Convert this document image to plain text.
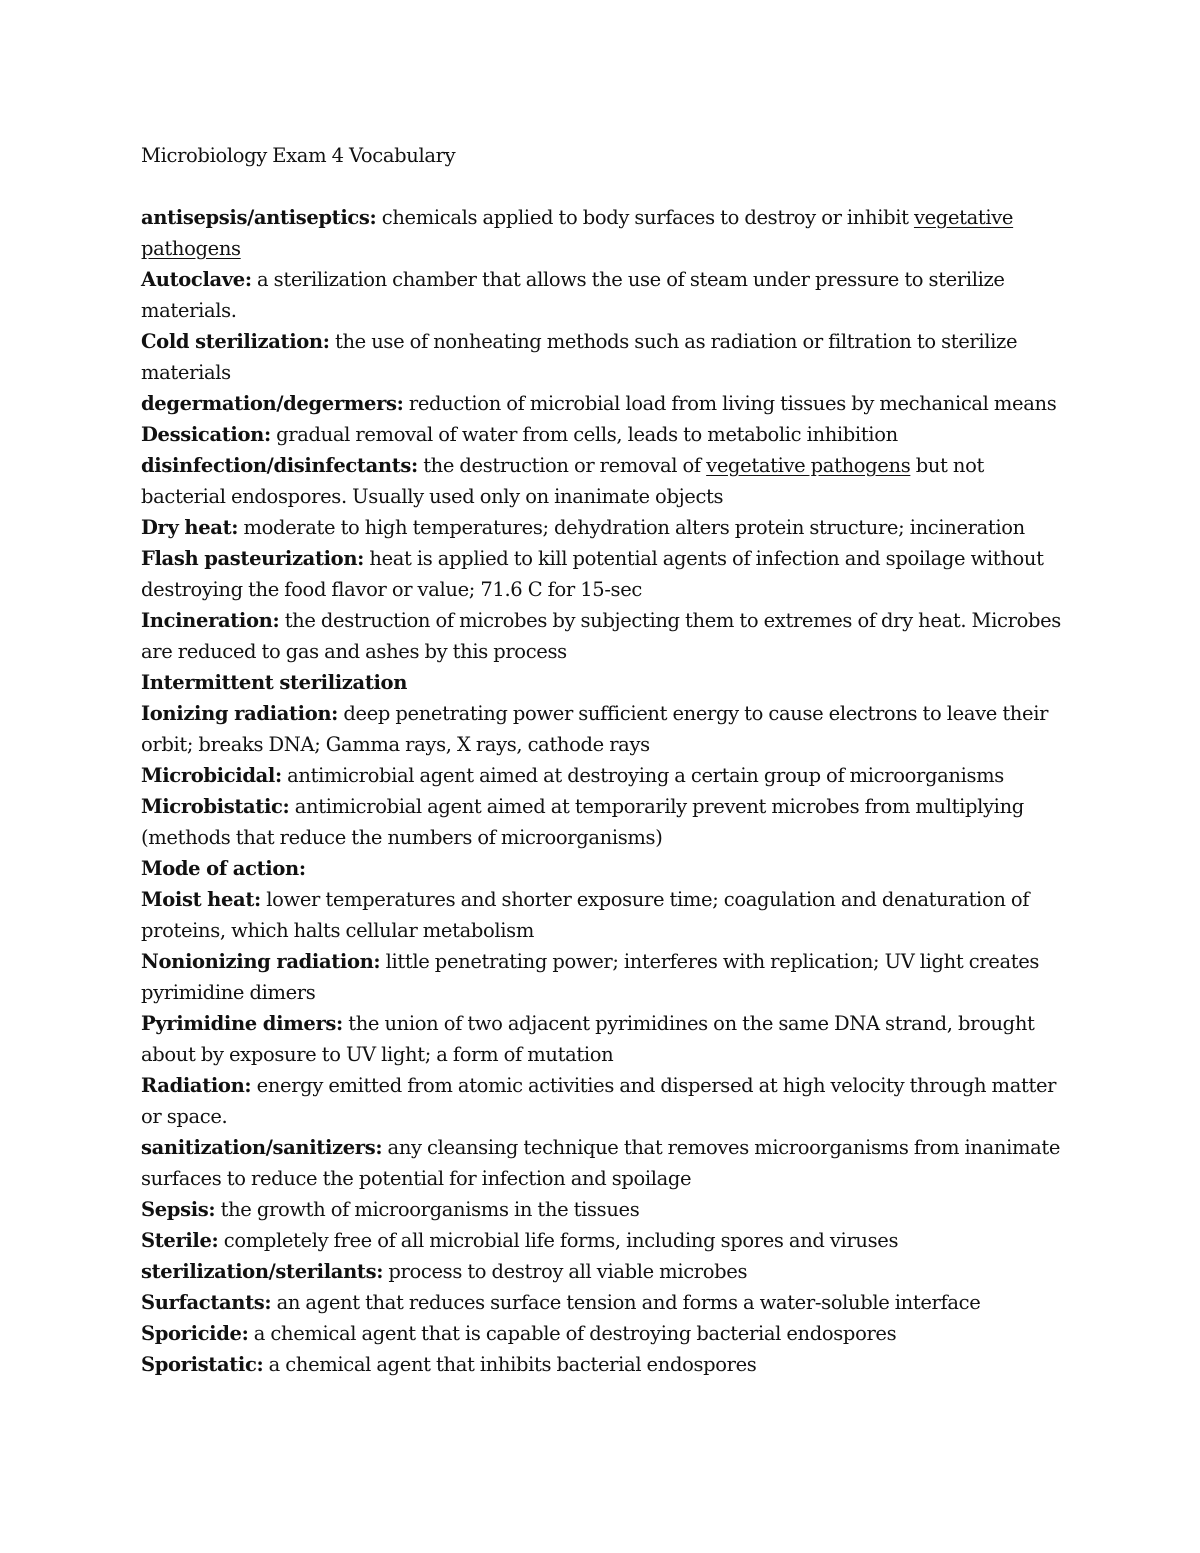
Microbiology Exam 4 Vocabulary

antisepsis/antiseptics: chemicals applied to body surfaces to destroy or inhibit vegetative pathogens

Autoclave: a sterilization chamber that allows the use of steam under pressure to sterilize materials.

Cold sterilization: the use of nonheating methods such as radiation or filtration to sterilize materials

degermation/degermers: reduction of microbial load from living tissues by mechanical means

Dessication: gradual removal of water from cells, leads to metabolic inhibition

disinfection/disinfectants: the destruction or removal of vegetative pathogens but not bacterial endospores. Usually used only on inanimate objects

Dry heat: moderate to high temperatures; dehydration alters protein structure; incineration

Flash pasteurization: heat is applied to kill potential agents of infection and spoilage without destroying the food flavor or value; 71.6 C for 15-sec

Incineration: the destruction of microbes by subjecting them to extremes of dry heat. Microbes are reduced to gas and ashes by this process

Intermittent sterilization

Ionizing radiation: deep penetrating power sufficient energy to cause electrons to leave their orbit; breaks DNA; Gamma rays, X rays, cathode rays

Microbicidal: antimicrobial agent aimed at destroying a certain group of microorganisms

Microbistatic: antimicrobial agent aimed at temporarily prevent microbes from multiplying (methods that reduce the numbers of microorganisms)

Mode of action:

Moist heat: lower temperatures and shorter exposure time; coagulation and denaturation of proteins, which halts cellular metabolism

Nonionizing radiation: little penetrating power; interferes with replication; UV light creates pyrimidine dimers

Pyrimidine dimers: the union of two adjacent pyrimidines on the same DNA strand, brought about by exposure to UV light; a form of mutation

Radiation: energy emitted from atomic activities and dispersed at high velocity through matter or space.

sanitization/sanitizers: any cleansing technique that removes microorganisms from inanimate surfaces to reduce the potential for infection and spoilage

Sepsis: the growth of microorganisms in the tissues

Sterile: completely free of all microbial life forms, including spores and viruses

sterilization/sterilants: process to destroy all viable microbes

Surfactants: an agent that reduces surface tension and forms a water-soluble interface

Sporicide: a chemical agent that is capable of destroying bacterial endospores

Sporistatic: a chemical agent that inhibits bacterial endospores
